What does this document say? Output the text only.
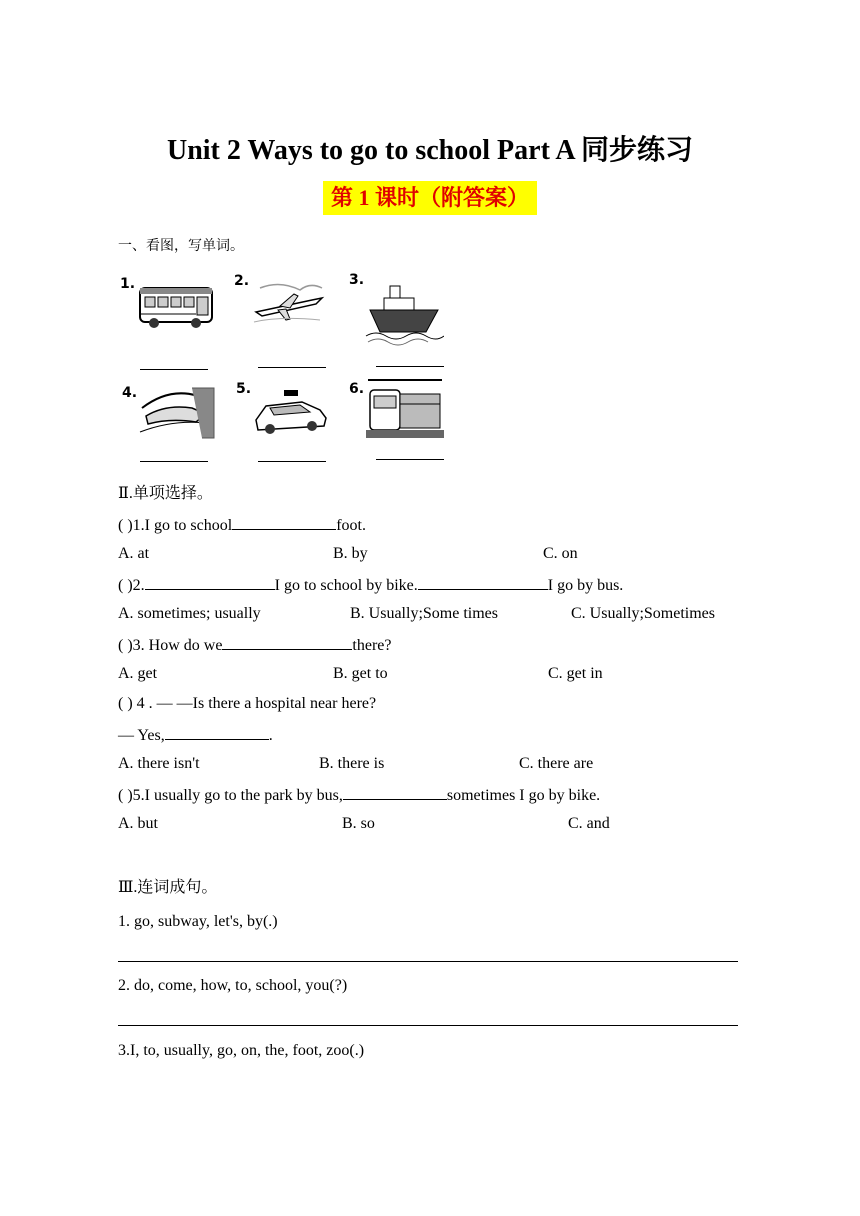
Unit 2 Ways to go to school Part A 同步练习
第 1 课时（附答案）
一、看图，写单词。
1.	2.	3.
4.	5.	6.
Ⅱ.单项选择。
( )1.I go to school	foot.
A. at	B. by	C. on
( )2.	I go to school by bike.	I go by bus.
A. sometimes; usually	B. Usually;Some times	C. Usually;Sometimes
( )3. How do we	there?
A. get	B. get to	C. get in
( ) 4 . — —Is there a hospital near here?
— Yes,	.
A. there isn't	B. there is	C. there are
( )5.I usually go to the park by bus,	sometimes I go by bike.
A. but	B. so	C. and
Ⅲ.连词成句。
1. go, subway, let's, by(.)
2. do, come, how, to, school, you(?)
3.I, to, usually, go, on, the, foot, zoo(.)
